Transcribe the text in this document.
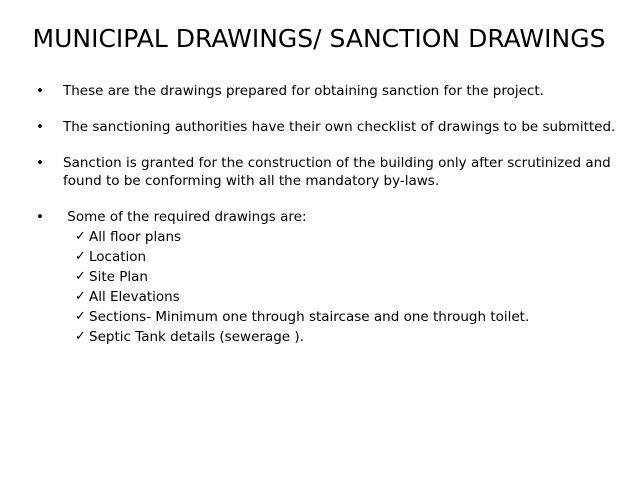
MUNICIPAL DRAWINGS/ SANCTION DRAWINGS
• These are the drawings prepared for obtaining sanction for the project.
• The sanctioning authorities have their own checklist of drawings to be submitted.
• Sanction is granted for the construction of the building only after scrutinized and found to be conforming with all the mandatory by-laws.
• Some of the required drawings are:
✓ All floor plans
✓ Location
✓ Site Plan
✓ All Elevations
✓ Sections- Minimum one through staircase and one through toilet.
✓ Septic Tank details (sewerage ).
